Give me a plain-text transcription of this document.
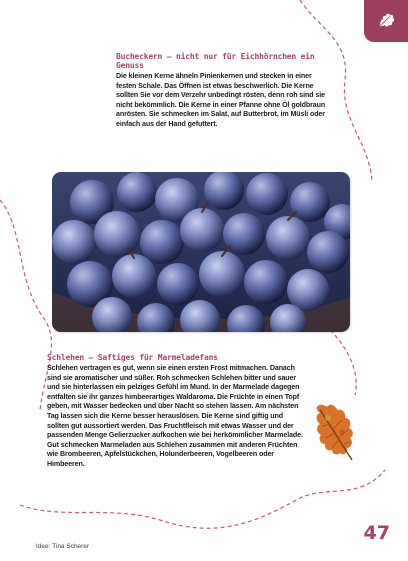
Bucheckern – nicht nur für Eichhörnchen ein Genuss
Die kleinen Kerne ähneln Pinienkernen und stecken in einer festen Schale. Das Öffnen ist etwas beschwerlich. Die Kerne sollten Sie vor dem Verzehr unbedingt rösten, denn roh sind sie nicht bekömmlich. Die Kerne in einer Pfanne ohne Öl goldbraun anrösten. Sie schmecken im Salat, auf Butterbrot, im Müsli oder einfach aus der Hand gefuttert.
Schlehen – Saftiges für Marmeladefans
Schlehen vertragen es gut, wenn sie einen ersten Frost mitmachen. Danach sind sie aromatischer und süßer. Roh schmecken Schlehen bitter und sauer und sie hinterlassen ein pelziges Gefühl im Mund. In der Marmelade dagegen entfalten sie ihr ganzes himbeerartiges Waldaroma. Die Früchte in einen Topf geben, mit Wasser bedecken und über Nacht so stehen lassen. Am nächsten Tag lassen sich die Kerne besser herauslösen. Die Kerne sind giftig und sollten gut aussortiert werden. Das Fruchtfleisch mit etwas Wasser und der passenden Menge Gelierzucker aufkochen wie bei herkömmlicher Marmelade. Gut schmecken Marmeladen aus Schlehen zusammen mit anderen Früchten wie Brombeeren, Apfelstückchen, Holunderbeeren, Vogelbeeren oder Himbeeren.
47
Idee: Tina Scherer
